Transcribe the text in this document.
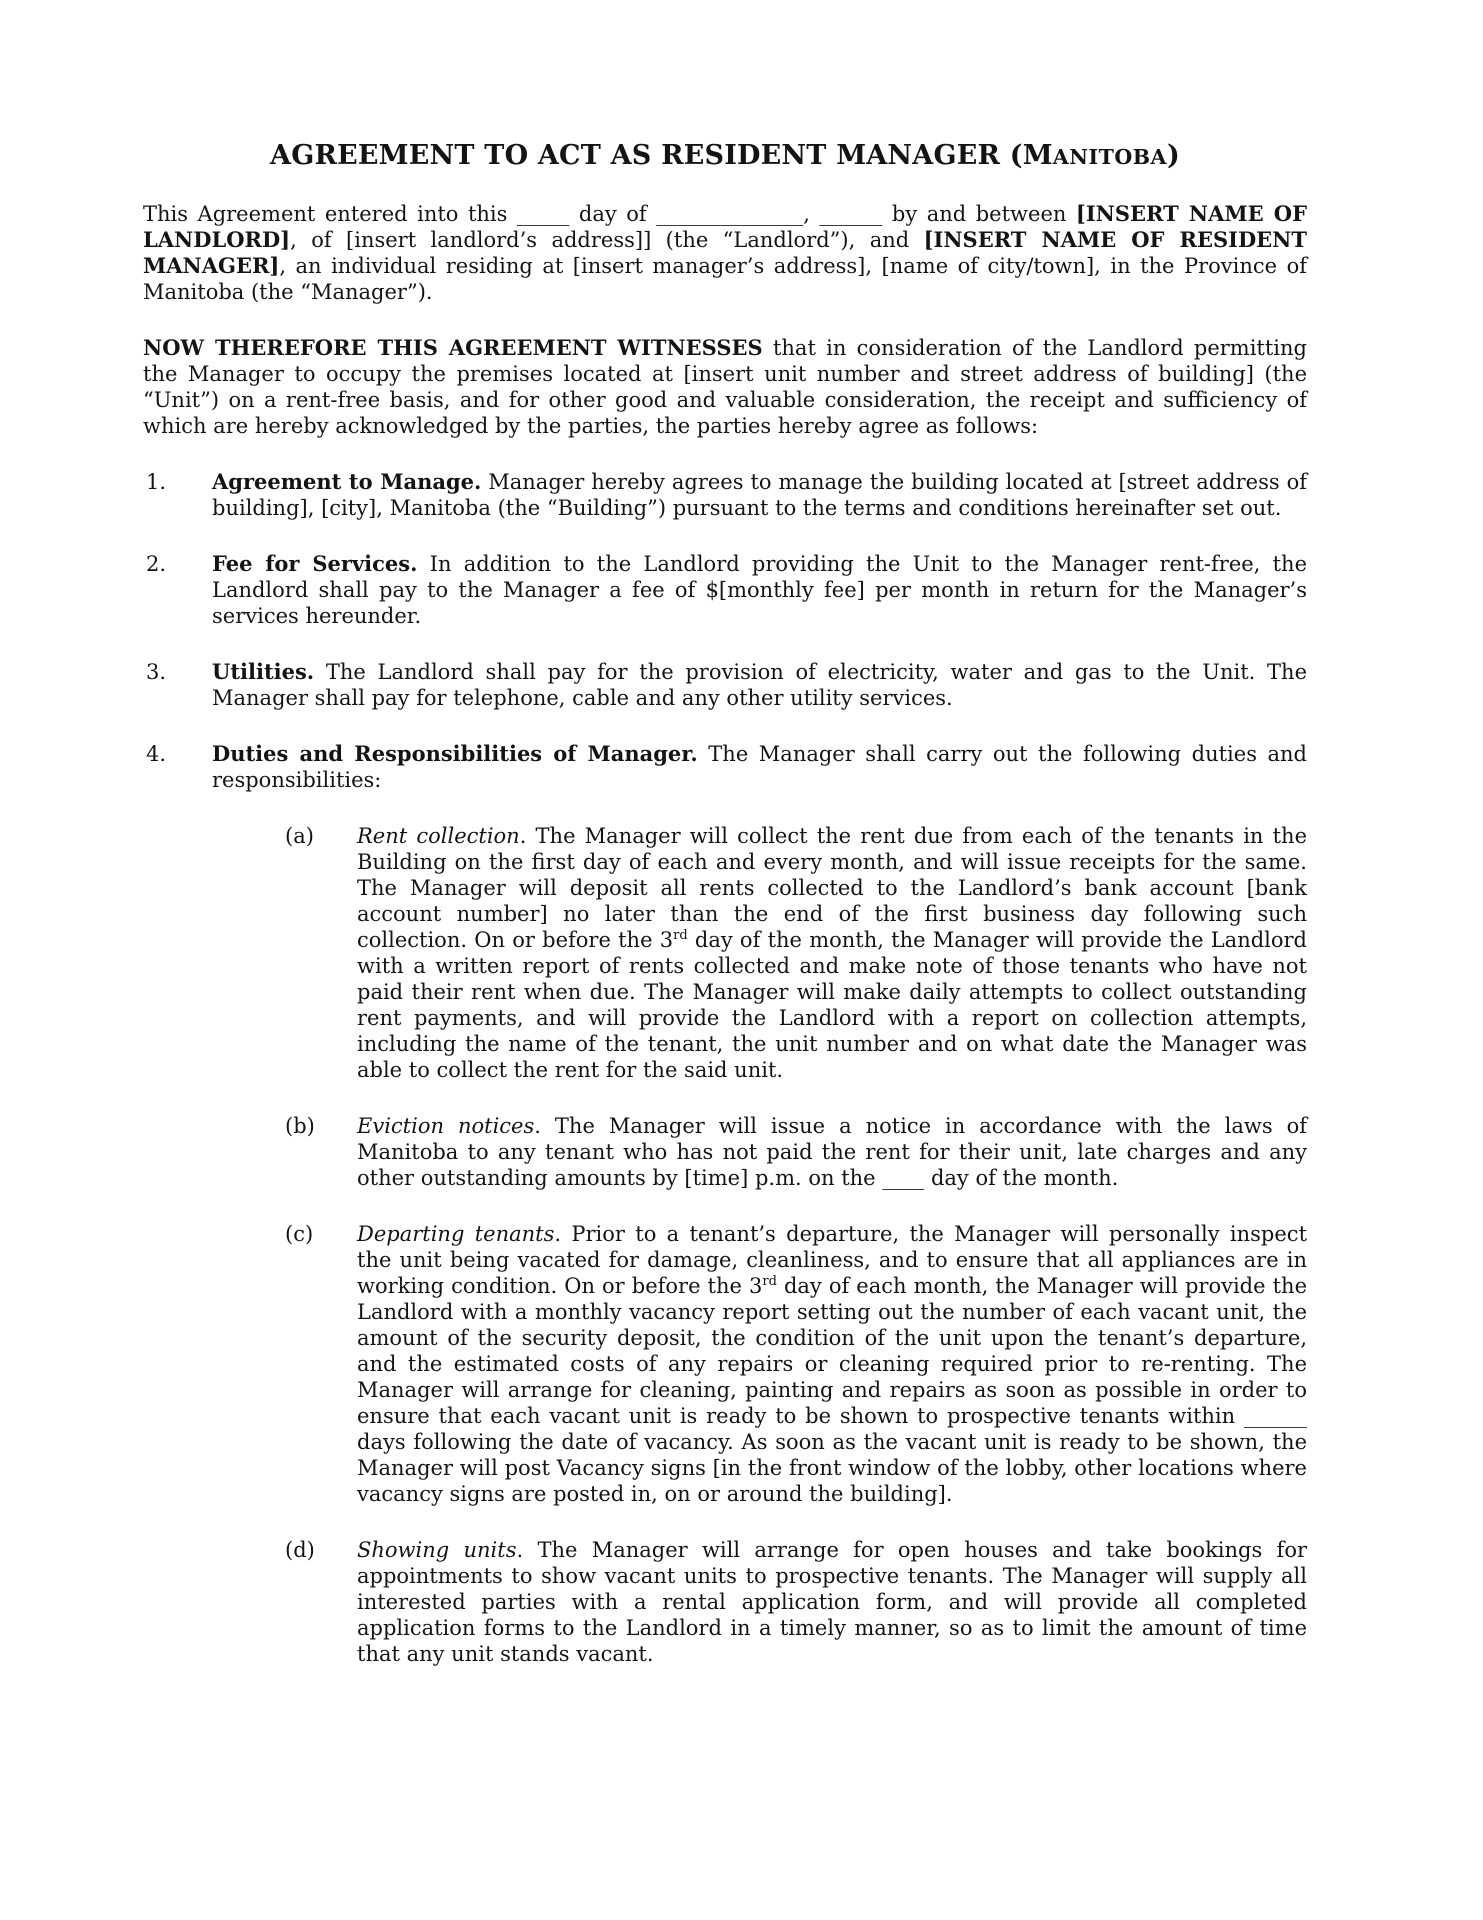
AGREEMENT TO ACT AS RESIDENT MANAGER (MANITOBA)

This Agreement entered into this _____ day of ______________, ______ by and between [INSERT NAME OF LANDLORD], of [insert landlord’s address]] (the “Landlord”), and [INSERT NAME OF RESIDENT MANAGER], an individual residing at [insert manager’s address], [name of city/town], in the Province of Manitoba (the “Manager”).

NOW THEREFORE THIS AGREEMENT WITNESSES that in consideration of the Landlord permitting the Manager to occupy the premises located at [insert unit number and street address of building] (the “Unit”) on a rent-free basis, and for other good and valuable consideration, the receipt and sufficiency of which are hereby acknowledged by the parties, the parties hereby agree as follows:

1.	Agreement to Manage. Manager hereby agrees to manage the building located at [street address of building], [city], Manitoba (the “Building”) pursuant to the terms and conditions hereinafter set out.
2.	Fee for Services. In addition to the Landlord providing the Unit to the Manager rent-free, the Landlord shall pay to the Manager a fee of $[monthly fee] per month in return for the Manager’s services hereunder.
3.	Utilities. The Landlord shall pay for the provision of electricity, water and gas to the Unit. The Manager shall pay for telephone, cable and any other utility services.
4.	Duties and Responsibilities of Manager. The Manager shall carry out the following duties and responsibilities:

(a)	Rent collection. The Manager will collect the rent due from each of the tenants in the Building on the first day of each and every month, and will issue receipts for the same. The Manager will deposit all rents collected to the Landlord’s bank account [bank account number] no later than the end of the first business day following such collection. On or before the 3rd day of the month, the Manager will provide the Landlord with a written report of rents collected and make note of those tenants who have not paid their rent when due. The Manager will make daily attempts to collect outstanding rent payments, and will provide the Landlord with a report on collection attempts, including the name of the tenant, the unit number and on what date the Manager was able to collect the rent for the said unit.
(b)	Eviction notices. The Manager will issue a notice in accordance with the laws of Manitoba to any tenant who has not paid the rent for their unit, late charges and any other outstanding amounts by [time] p.m. on the ____ day of the month.
(c)	Departing tenants. Prior to a tenant’s departure, the Manager will personally inspect the unit being vacated for damage, cleanliness, and to ensure that all appliances are in working condition. On or before the 3rd day of each month, the Manager will provide the Landlord with a monthly vacancy report setting out the number of each vacant unit, the amount of the security deposit, the condition of the unit upon the tenant’s departure, and the estimated costs of any repairs or cleaning required prior to re-renting. The Manager will arrange for cleaning, painting and repairs as soon as possible in order to ensure that each vacant unit is ready to be shown to prospective tenants within ______ days following the date of vacancy. As soon as the vacant unit is ready to be shown, the Manager will post Vacancy signs [in the front window of the lobby, other locations where vacancy signs are posted in, on or around the building].
(d)	Showing units. The Manager will arrange for open houses and take bookings for appointments to show vacant units to prospective tenants. The Manager will supply all interested parties with a rental application form, and will provide all completed application forms to the Landlord in a timely manner, so as to limit the amount of time that any unit stands vacant.
